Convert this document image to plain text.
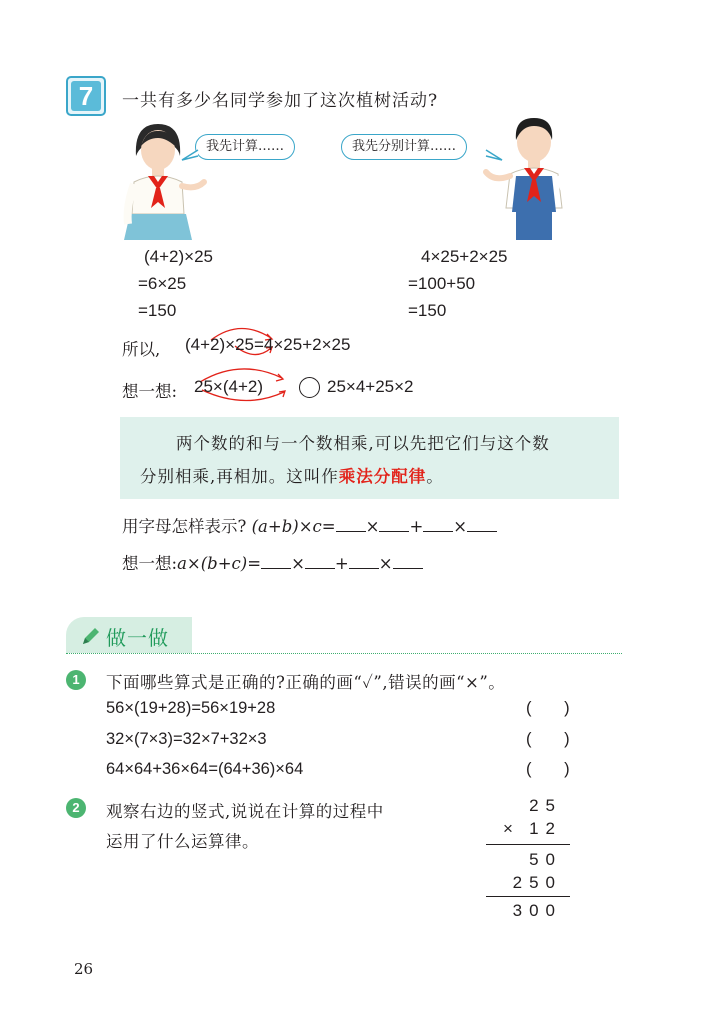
7	一共有多少名同学参加了这次植树活动?
我先计算……	我先分别计算……
(4+2)×25
=6×25
=150
4×25+2×25
=100+50
=150
所以, (4+2)×25=4×25+2×25
想一想: 25×(4+2)	25×4+25×2
两个数的和与一个数相乘,可以先把它们与这个数
分别相乘,再相加。这叫作乘法分配律。
用字母怎样表示? (a+b)×c= × + ×
想一想:a×(b+c)= × + ×
做一做
1	下面哪些算式是正确的?正确的画“✓”,错误的画“×”。
56×(19+28)=56×19+28	( )
32×(7×3)=32×7+32×3	( )
64×64+36×64=(64+36)×64	( )
2	观察右边的竖式,说说在计算的过程中
运用了什么运算律。
25
× 12
50
250
300
26
